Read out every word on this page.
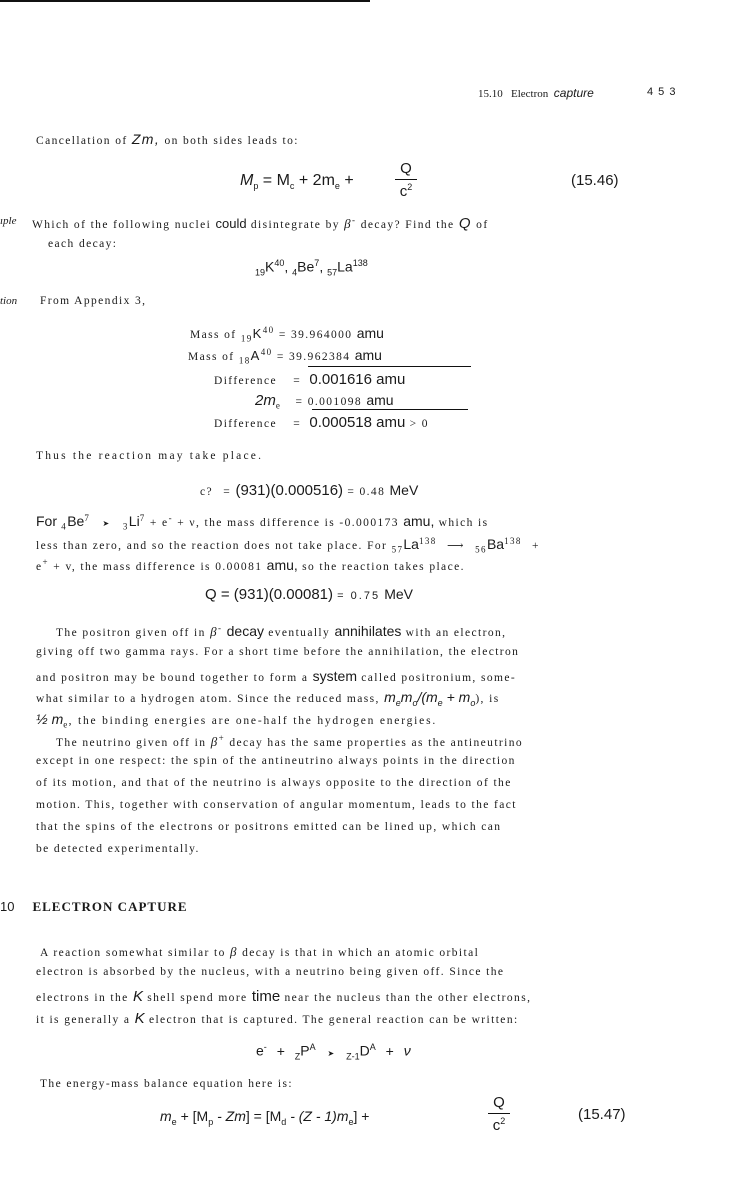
15.10 Electron capture	4 5 3
Cancellation of Zm, on both sides leads to:
$M_p = M_c + 2m_e$ +
Q
$c^2$	(15.46)
ıple Which of the following nuclei could disintegrate by β- decay? Find the Q of
each decay:
$_{19}K^{40}$, $_4Be^7$, $_{57}La^{138}$
tion From Appendix 3,
Mass of $_{19}K^{40} = 39.964000$ amu
Mass of $_{18}A^{40} = 39.962384$ amu
Difference = 0.001616 amu
$2m_e = 0.001098$ amu
Difference = 0.000518 amu > 0
Thus the reaction may take place.
c? = (931)(0.000516) = 0.48 MeV
For $_4Be^7$ ➤ $_3Li^7 + e^- + \nu$, the mass difference is -0.000173 amu, which is
less than zero, and so the reaction does not take place. For $_{57}La^{138}$ ⟶ $_{56}Ba^{138}$ +
e+ + v, the mass difference is 0.00081 amu, so the reaction takes place.
Q = (931)(0.00081) = 0.75 MeV
The positron given off in β- decay eventually annihilates with an electron,
giving off two gamma rays. For a short time before the annihilation, the electron
and positron may be bound together to form a system called positronium, some-
what similar to a hydrogen atom. Since the reduced mass, $m_em_o/(m_e + m_o)$, is
½ $m_e$, the binding energies are one-half the hydrogen energies.
The neutrino given off in β+ decay has the same properties as the antineutrino
except in one respect: the spin of the antineutrino always points in the direction
of its motion, and that of the neutrino is always opposite to the direction of the
motion. This, together with conservation of angular momentum, leads to the fact
that the spins of the electrons or positrons emitted can be lined up, which can
be detected experimentally.
10 ELECTRON CAPTURE
A reaction somewhat similar to β decay is that in which an atomic orbital
electron is absorbed by the nucleus, with a neutrino being given off. Since the
electrons in the K shell spend more time near the nucleus than the other electrons,
it is generally a K electron that is captured. The general reaction can be written:
$e^- + _ZP^A$ ➤ $_{Z-1}D^A + \nu$
The energy-mass balance equation here is:
$m_e + [M_p - Zm] = [M_d - (Z - 1)m_e]$ +
Q
$c^2$	(15.47)
